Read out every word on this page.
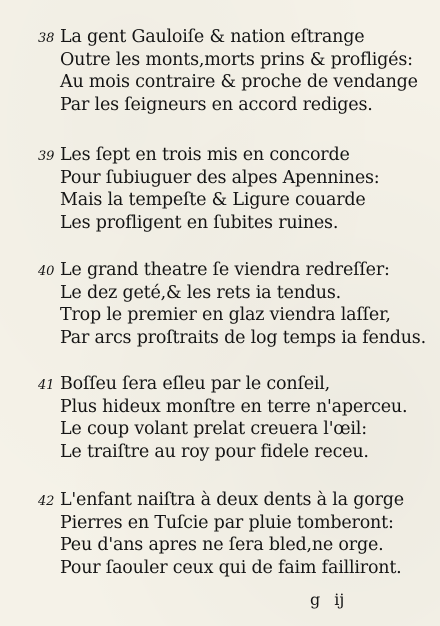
38 La gent Gauloiſe & nation eſtrange
Outre les monts,morts prins & profligés:
Au mois contraire & proche de vendange
Par les ſeigneurs en accord rediges.
39 Les ſept en trois mis en concorde
Pour ſubiuguer des alpes Apennines:
Mais la tempeſte & Ligure couarde
Les profligent en ſubites ruines.
40 Le grand theatre ſe viendra redreſſer:
Le dez geté,& les rets ia tendus.
Trop le premier en glaz viendra laſſer,
Par arcs proſtraits de log temps ia fendus.
41 Boſſeu ſera eſleu par le conſeil,
Plus hideux monſtre en terre n'aperceu.
Le coup volant prelat creuera l'œil:
Le traiſtre au roy pour fidele receu.
42 L'enfant naiſtra à deux dents à la gorge
Pierres en Tuſcie par pluie tomberont:
Peu d'ans apres ne ſera bled,ne orge.
Pour ſaouler ceux qui de faim failliront.
g ij
